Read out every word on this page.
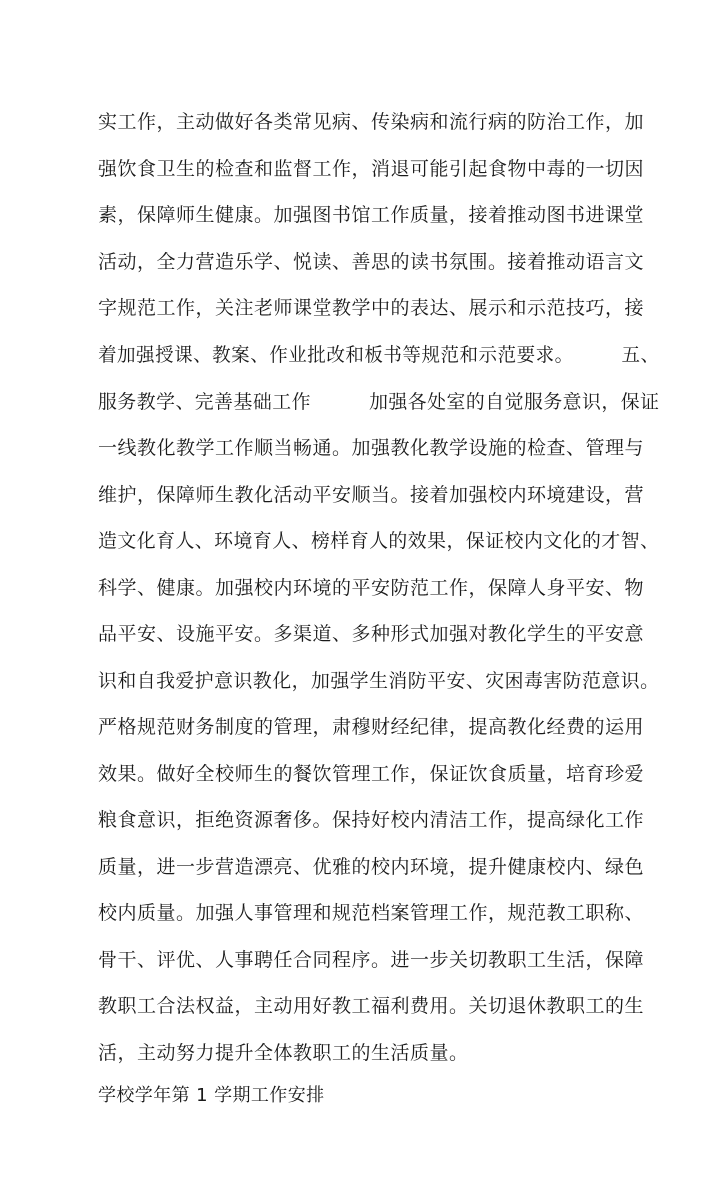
实工作，主动做好各类常见病、传染病和流行病的防治工作，加
强饮食卫生的检查和监督工作，消退可能引起食物中毒的一切因
素，保障师生健康。加强图书馆工作质量，接着推动图书进课堂
活动，全力营造乐学、悦读、善思的读书氛围。接着推动语言文
字规范工作，关注老师课堂教学中的表达、展示和示范技巧，接
着加强授课、教案、作业批改和板书等规范和示范要求。　　　五、
服务教学、完善基础工作　　　加强各处室的自觉服务意识，保证
一线教化教学工作顺当畅通。加强教化教学设施的检查、管理与
维护，保障师生教化活动平安顺当。接着加强校内环境建设，营
造文化育人、环境育人、榜样育人的效果，保证校内文化的才智、
科学、健康。加强校内环境的平安防范工作，保障人身平安、物
品平安、设施平安。多渠道、多种形式加强对教化学生的平安意
识和自我爱护意识教化，加强学生消防平安、灾困毒害防范意识。
严格规范财务制度的管理，肃穆财经纪律，提高教化经费的运用
效果。做好全校师生的餐饮管理工作，保证饮食质量，培育珍爱
粮食意识，拒绝资源奢侈。保持好校内清洁工作，提高绿化工作
质量，进一步营造漂亮、优雅的校内环境，提升健康校内、绿色
校内质量。加强人事管理和规范档案管理工作，规范教工职称、
骨干、评优、人事聘任合同程序。进一步关切教职工生活，保障
教职工合法权益，主动用好教工福利费用。关切退休教职工的生
活，主动努力提升全体教职工的生活质量。
学校学年第 1 学期工作安排
